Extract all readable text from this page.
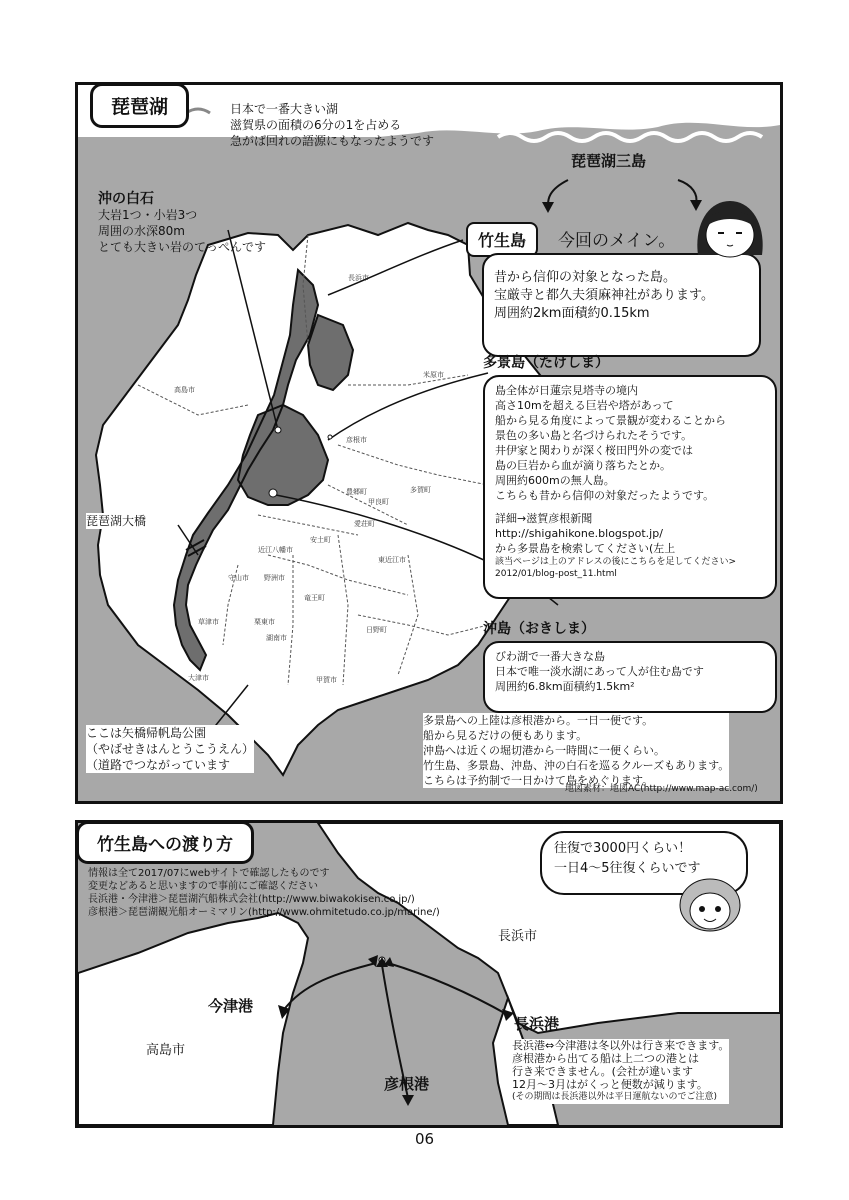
琵琶湖	日本で一番大きい湖
滋賀県の面積の6分の1を占める
急がば回れの語源にもなったようです
琵琶湖三島
沖の白石
大岩1つ・小岩3つ
周囲の水深80m
とても大きい岩のてっぺんです	竹生島
昔から信仰の対象となった島。
宝厳寺と都久夫須麻神社があります。
周囲約2km面積約0.15km
今回のメイン。
多景島（たけしま）
島全体が日蓮宗見塔寺の境内
高さ10mを超える巨岩や塔があって
船から見る角度によって景観が変わることから
景色の多い島と名づけられたそうです。
井伊家と関わりが深く桜田門外の変では
島の巨岩から血が滴り落ちたとか。
周囲約600mの無人島。
こちらも昔から信仰の対象だったようです。
詳細→滋賀彦根新聞
http://shigahikone.blogspot.jp/
から多景島を検索してください(左上
該当ページは上のアドレスの後にこちらを足してください>
2012/01/blog-post_11.html
沖島（おきしま）
びわ湖で一番大きな島
日本で唯一淡水湖にあって人が住む島です
周囲約6.8km面積約1.5km²
琵琶湖大橋
ここは矢橋帰帆島公園
（やばせきはんとうこうえん）
（道路でつながっています
多景島への上陸は彦根港から。一日一便です。
船から見るだけの便もあります。
沖島へは近くの堀切港から一時間に一便くらい。
竹生島、多景島、沖島、沖の白石を巡るクルーズもあります。
こちらは予約制で一日かけて島をめぐります。
地図素材：地図AC(http://www.map-ac.com/)
長浜市
米原市
高島市
彦根市
多賀町
豊郷町
甲良町
愛荘町
安土町
近江八幡市
東近江市
守山市 野洲市
竜王町
草津市	栗東市
湖南市
日野町
大津市	甲賀市
竹生島への渡り方
情報は全て2017/07にwebサイトで確認したものです
変更などあると思いますので事前にご確認ください
長浜港・今津港＞琵琶湖汽船株式会社(http://www.biwakokisen.co.jp/)
彦根港＞琵琶湖観光船オーミマリン(http://www.ohmitetudo.co.jp/marine/)
往復で3000円くらい！
一日4～5往復くらいです
長浜市
高島市
今津港
長浜港
彦根港
長浜港⇔今津港は冬以外は行き来できます。
彦根港から出てる船は上二つの港とは
行き来できません。(会社が違います
12月～3月はがくっと便数が減ります。
(その期間は長浜港以外は平日運航ないのでご注意)
06
